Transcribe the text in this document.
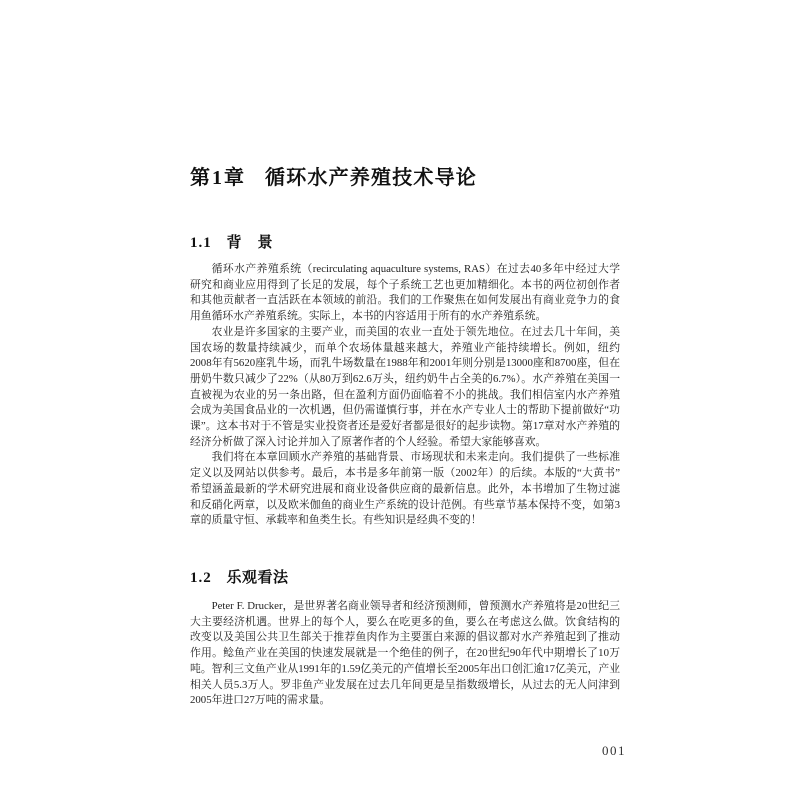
第1章 循环水产养殖技术导论
1.1 背　景

循环水产养殖系统（recirculating aquaculture systems, RAS）在过去40多年中经过大学研究和商业应用得到了长足的发展，每个子系统工艺也更加精细化。本书的两位初创作者和其他贡献者一直活跃在本领域的前沿。我们的工作聚焦在如何发展出有商业竞争力的食用鱼循环水产养殖系统。实际上，本书的内容适用于所有的水产养殖系统。

农业是许多国家的主要产业，而美国的农业一直处于领先地位。在过去几十年间，美国农场的数量持续减少，而单个农场体量越来越大，养殖业产能持续增长。例如，纽约2008年有5620座乳牛场，而乳牛场数量在1988年和2001年则分别是13000座和8700座，但在册奶牛数只减少了22%（从80万到62.6万头，纽约奶牛占全美的6.7%）。水产养殖在美国一直被视为农业的另一条出路，但在盈利方面仍面临着不小的挑战。我们相信室内水产养殖会成为美国食品业的一次机遇，但仍需谨慎行事，并在水产专业人士的帮助下提前做好“功课”。这本书对于不管是实业投资者还是爱好者都是很好的起步读物。第17章对水产养殖的经济分析做了深入讨论并加入了原著作者的个人经验。希望大家能够喜欢。

我们将在本章回顾水产养殖的基础背景、市场现状和未来走向。我们提供了一些标准定义以及网站以供参考。最后，本书是多年前第一版（2002年）的后续。本版的“大黄书”希望涵盖最新的学术研究进展和商业设备供应商的最新信息。此外，本书增加了生物过滤和反硝化两章，以及欧米伽鱼的商业生产系统的设计范例。有些章节基本保持不变，如第3章的质量守恒、承载率和鱼类生长。有些知识是经典不变的！

1.2 乐观看法

Peter F. Drucker，是世界著名商业领导者和经济预测师，曾预测水产养殖将是20世纪三大主要经济机遇。世界上的每个人，要么在吃更多的鱼，要么在考虑这么做。饮食结构的改变以及美国公共卫生部关于推荐鱼肉作为主要蛋白来源的倡议都对水产养殖起到了推动作用。鲶鱼产业在美国的快速发展就是一个绝佳的例子，在20世纪90年代中期增长了10万吨。智利三文鱼产业从1991年的1.59亿美元的产值增长至2005年出口创汇逾17亿美元，产业相关人员5.3万人。罗非鱼产业发展在过去几年间更是呈指数级增长，从过去的无人问津到2005年进口27万吨的需求量。

001
